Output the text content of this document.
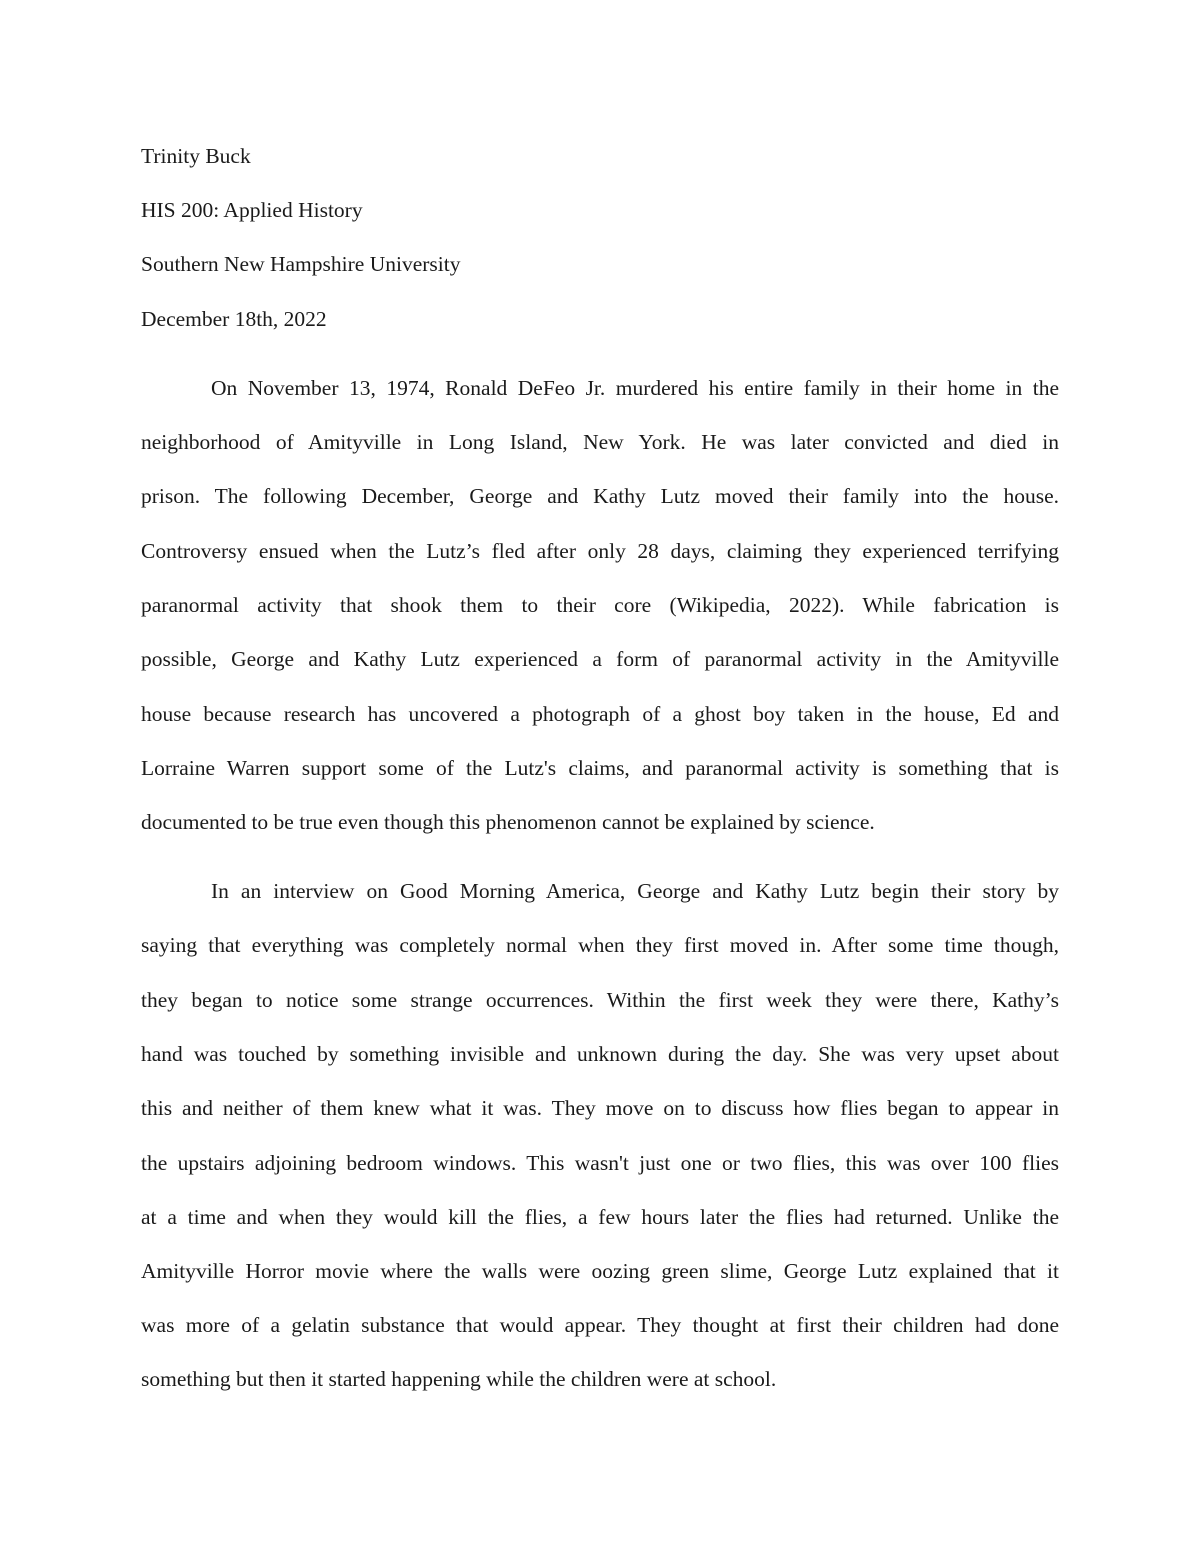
Trinity Buck
HIS 200: Applied History
Southern New Hampshire University
December 18th, 2022
On November 13, 1974, Ronald DeFeo Jr. murdered his entire family in their home in the
neighborhood of Amityville in Long Island, New York. He was later convicted and died in
prison. The following December, George and Kathy Lutz moved their family into the house.
Controversy ensued when the Lutz’s fled after only 28 days, claiming they experienced terrifying
paranormal activity that shook them to their core (Wikipedia, 2022). While fabrication is
possible, George and Kathy Lutz experienced a form of paranormal activity in the Amityville
house because research has uncovered a photograph of a ghost boy taken in the house, Ed and
Lorraine Warren support some of the Lutz's claims, and paranormal activity is something that is
documented to be true even though this phenomenon cannot be explained by science.
In an interview on Good Morning America, George and Kathy Lutz begin their story by
saying that everything was completely normal when they first moved in. After some time though,
they began to notice some strange occurrences. Within the first week they were there, Kathy’s
hand was touched by something invisible and unknown during the day. She was very upset about
this and neither of them knew what it was. They move on to discuss how flies began to appear in
the upstairs adjoining bedroom windows. This wasn't just one or two flies, this was over 100 flies
at a time and when they would kill the flies, a few hours later the flies had returned. Unlike the
Amityville Horror movie where the walls were oozing green slime, George Lutz explained that it
was more of a gelatin substance that would appear. They thought at first their children had done
something but then it started happening while the children were at school.
